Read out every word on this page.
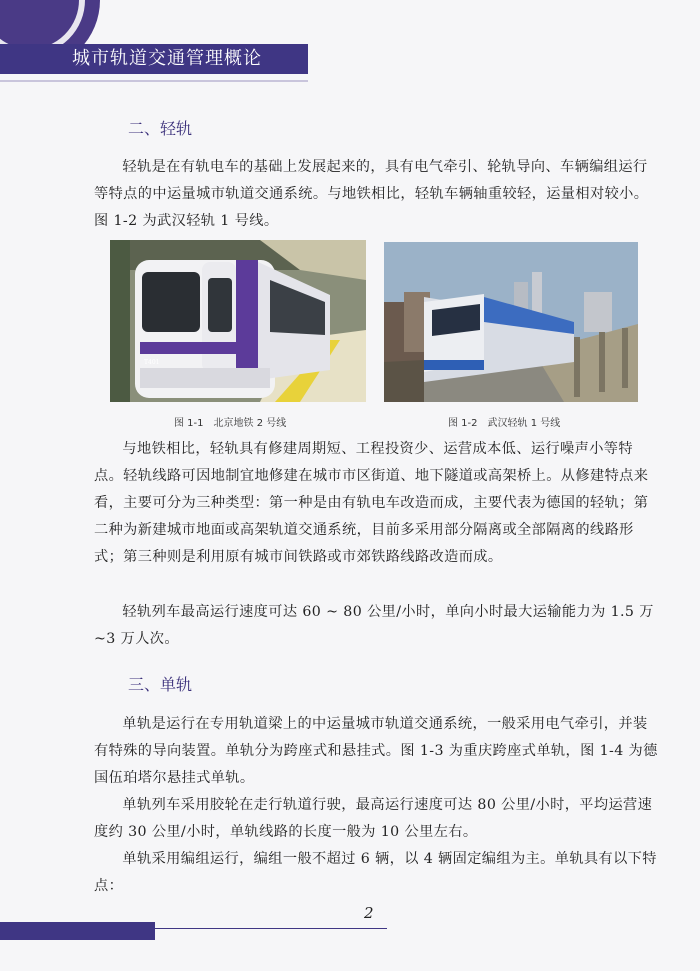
城市轨道交通管理概论
二、轻轨

轻轨是在有轨电车的基础上发展起来的，具有电气牵引、轮轨导向、车辆编组运行等特点的中运量城市轨道交通系统。与地铁相比，轻轨车辆轴重较轻，运量相对较小。图 1-2 为武汉轻轨 1 号线。

T401
图 1-1　北京地铁 2 号线	图 1-2　武汉轻轨 1 号线

与地铁相比，轻轨具有修建周期短、工程投资少、运营成本低、运行噪声小等特点。轻轨线路可因地制宜地修建在城市市区街道、地下隧道或高架桥上。从修建特点来看，主要可分为三种类型：第一种是由有轨电车改造而成，主要代表为德国的轻轨；第二种为新建城市地面或高架轨道交通系统，目前多采用部分隔离或全部隔离的线路形式；第三种则是利用原有城市间铁路或市郊铁路线路改造而成。

轻轨列车最高运行速度可达 60 ~ 80 公里/小时，单向小时最大运输能力为 1.5 万 ~3 万人次。

三、单轨

单轨是运行在专用轨道梁上的中运量城市轨道交通系统，一般采用电气牵引，并装有特殊的导向装置。单轨分为跨座式和悬挂式。图 1-3 为重庆跨座式单轨，图 1-4 为德国伍珀塔尔悬挂式单轨。

单轨列车采用胶轮在走行轨道行驶，最高运行速度可达 80 公里/小时，平均运营速度约 30 公里/小时，单轨线路的长度一般为 10 公里左右。

单轨采用编组运行，编组一般不超过 6 辆，以 4 辆固定编组为主。单轨具有以下特点：

2
